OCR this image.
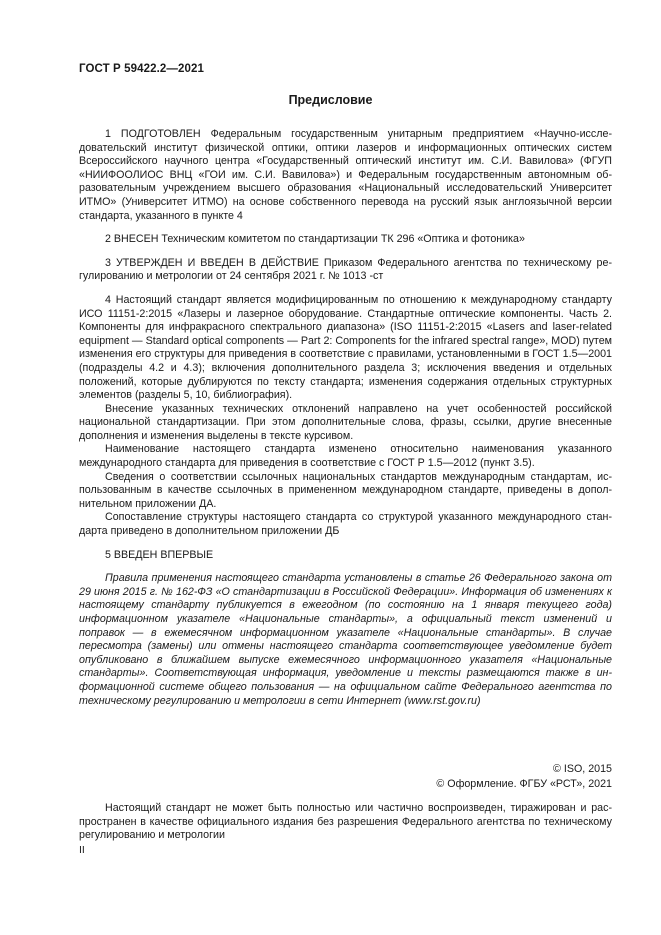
ГОСТ Р 59422.2—2021
Предисловие

1 ПОДГОТОВЛЕН Федеральным государственным унитарным предприятием «Научно-исследовательский институт физической оптики, оптики лазеров и информационных оптических систем Всероссийского научного центра «Государственный оптический институт им. С.И. Вавилова» (ФГУП «НИИФООЛИОС ВНЦ «ГОИ им. С.И. Вавилова») и Федеральным государственным автономным образовательным учреждением высшего образования «Национальный исследовательский Университет ИТМО» (Университет ИТМО) на основе собственного перевода на русский язык англоязычной версии стандарта, указанного в пункте 4

2 ВНЕСЕН Техническим комитетом по стандартизации ТК 296 «Оптика и фотоника»

3 УТВЕРЖДЕН И ВВЕДЕН В ДЕЙСТВИЕ Приказом Федерального агентства по техническому регулированию и метрологии от 24 сентября 2021 г. № 1013 -ст

4 Настоящий стандарт является модифицированным по отношению к международному стандарту ИСО 11151-2:2015 «Лазеры и лазерное оборудование. Стандартные оптические компоненты. Часть 2. Компоненты для инфракрасного спектрального диапазона» (ISO 11151-2:2015 «Lasers and laser-related equipment — Standard optical components — Part 2: Components for the infrared spectral range», MOD) путем изменения его структуры для приведения в соответствие с правилами, установленными в ГОСТ 1.5—2001 (подразделы 4.2 и 4.3); включения дополнительного раздела 3; исключения введения и отдельных положений, которые дублируются по тексту стандарта; изменения содержания отдельных структурных элементов (разделы 5, 10, библиография).

Внесение указанных технических отклонений направлено на учет особенностей российской национальной стандартизации. При этом дополнительные слова, фразы, ссылки, другие внесенные дополнения и изменения выделены в тексте курсивом.

Наименование настоящего стандарта изменено относительно наименования указанного международного стандарта для приведения в соответствие с ГОСТ Р 1.5—2012 (пункт 3.5).

Сведения о соответствии ссылочных национальных стандартов международным стандартам, использованным в качестве ссылочных в примененном международном стандарте, приведены в дополнительном приложении ДА.

Сопоставление структуры настоящего стандарта со структурой указанного международного стандарта приведено в дополнительном приложении ДБ

5 ВВЕДЕН ВПЕРВЫЕ

Правила применения настоящего стандарта установлены в статье 26 Федерального закона от 29 июня 2015 г. № 162-ФЗ «О стандартизации в Российской Федерации». Информация об изменениях к настоящему стандарту публикуется в ежегодном (по состоянию на 1 января текущего года) информационном указателе «Национальные стандарты», а официальный текст изменений и поправок — в ежемесячном информационном указателе «Национальные стандарты». В случае пересмотра (замены) или отмены настоящего стандарта соответствующее уведомление будет опубликовано в ближайшем выпуске ежемесячного информационного указателя «Национальные стандарты». Соответствующая информация, уведомление и тексты размещаются также в информационной системе общего пользования — на официальном сайте Федерального агентства по техническому регулированию и метрологии в сети Интернет (www.rst.gov.ru)

© ISO, 2015
© Оформление. ФГБУ «РСТ», 2021
Настоящий стандарт не может быть полностью или частично воспроизведен, тиражирован и распространен в качестве официального издания без разрешения Федерального агентства по техническому регулированию и метрологии
II
